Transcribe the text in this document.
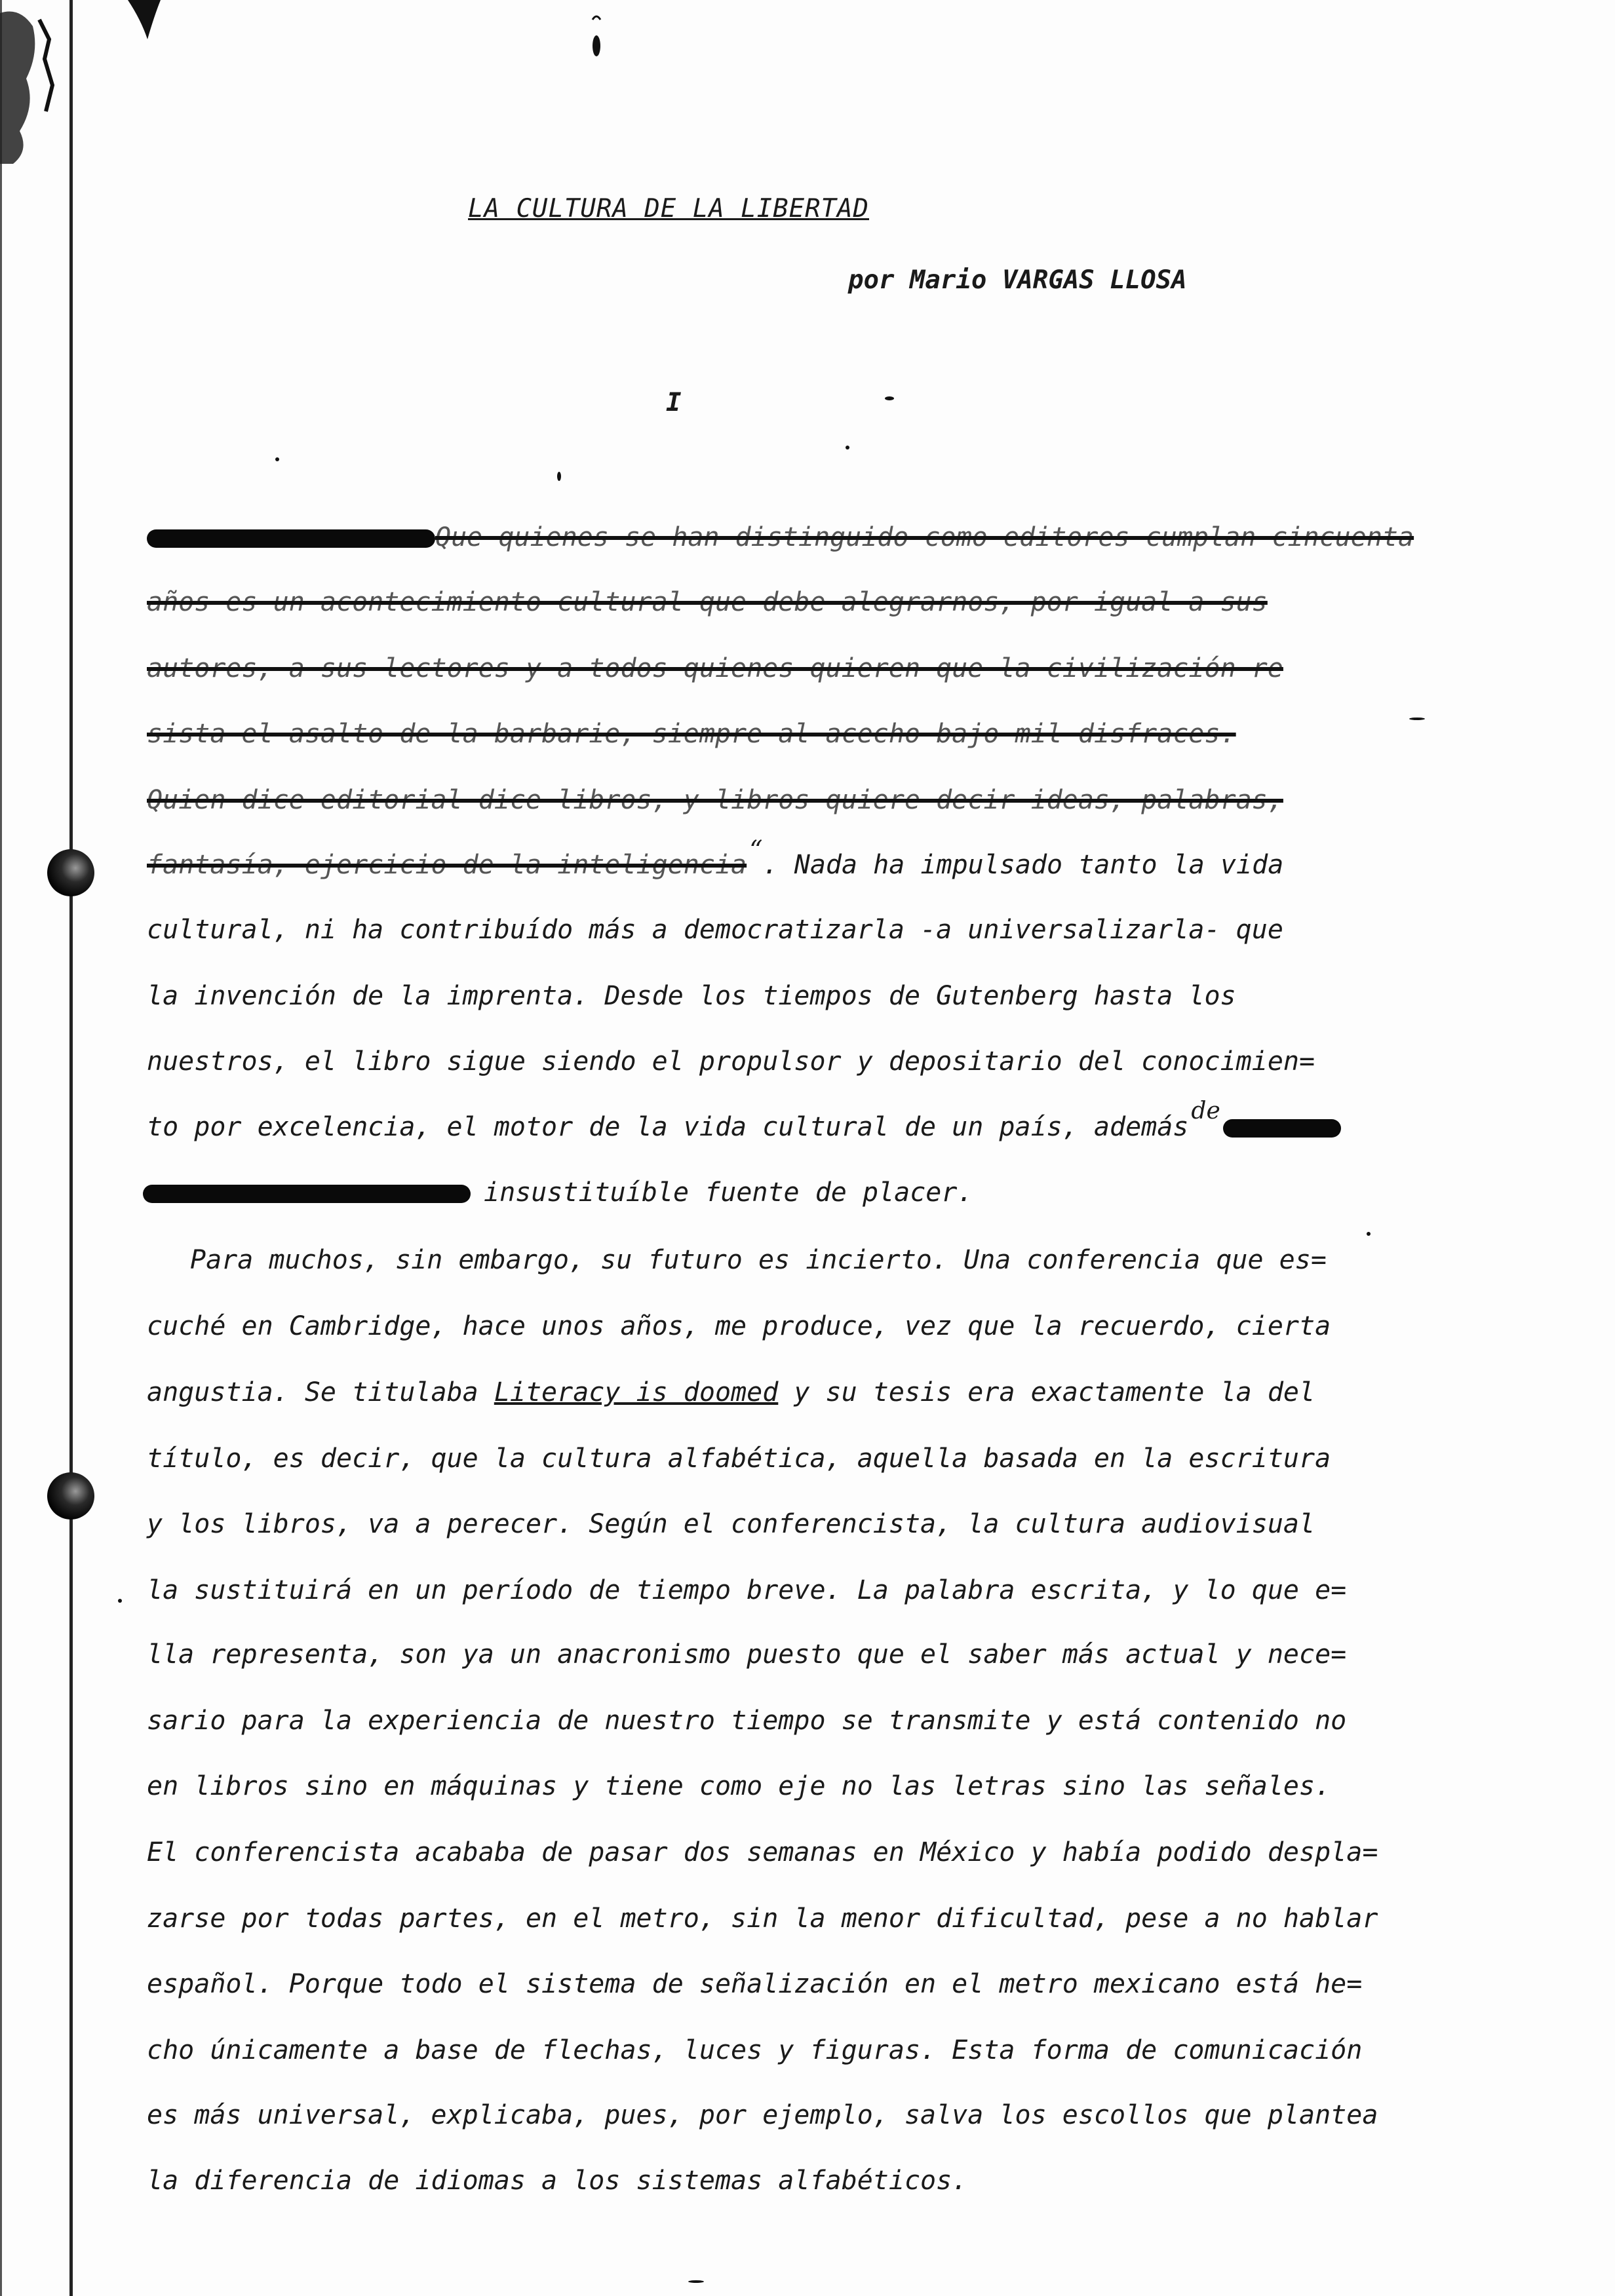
LA CULTURA DE LA LIBERTAD
por Mario VARGAS LLOSA
I
Que quienes se han distinguido como editores cumplan cincuenta
años es un acontecimiento cultural que debe alegrarnos, por igual a sus
autores, a sus lectores y a todos quienes quieren que la civilización re
sista el asalto de la barbarie, siempre al acecho bajo mil disfraces.
Quien dice editorial dice libros, y libros quiere decir ideas, palabras,
fantasía, ejercicio de la inteligencia “. Nada ha impulsado tanto la vida
cultural, ni ha contribuído más a democratizarla -a universalizarla- que
la invención de la imprenta. Desde los tiempos de Gutenberg hasta los
nuestros, el libro sigue siendo el propulsor y depositario del conocimien=
to por excelencia, el motor de la vida cultural de un país, ademásde
insustituíble fuente de placer.
Para muchos, sin embargo, su futuro es incierto. Una conferencia que es=
cuché en Cambridge, hace unos años, me produce, vez que la recuerdo, cierta
angustia. Se titulaba Literacy is doomed y su tesis era exactamente la del
título, es decir, que la cultura alfabética, aquella basada en la escritura
y los libros, va a perecer. Según el conferencista, la cultura audiovisual
la sustituirá en un período de tiempo breve. La palabra escrita, y lo que e=
lla representa, son ya un anacronismo puesto que el saber más actual y nece=
sario para la experiencia de nuestro tiempo se transmite y está contenido no
en libros sino en máquinas y tiene como eje no las letras sino las señales.
El conferencista acababa de pasar dos semanas en México y había podido despla=
zarse por todas partes, en el metro, sin la menor dificultad, pese a no hablar
español. Porque todo el sistema de señalización en el metro mexicano está he=
cho únicamente a base de flechas, luces y figuras. Esta forma de comunicación
es más universal, explicaba, pues, por ejemplo, salva los escollos que plantea
la diferencia de idiomas a los sistemas alfabéticos.
